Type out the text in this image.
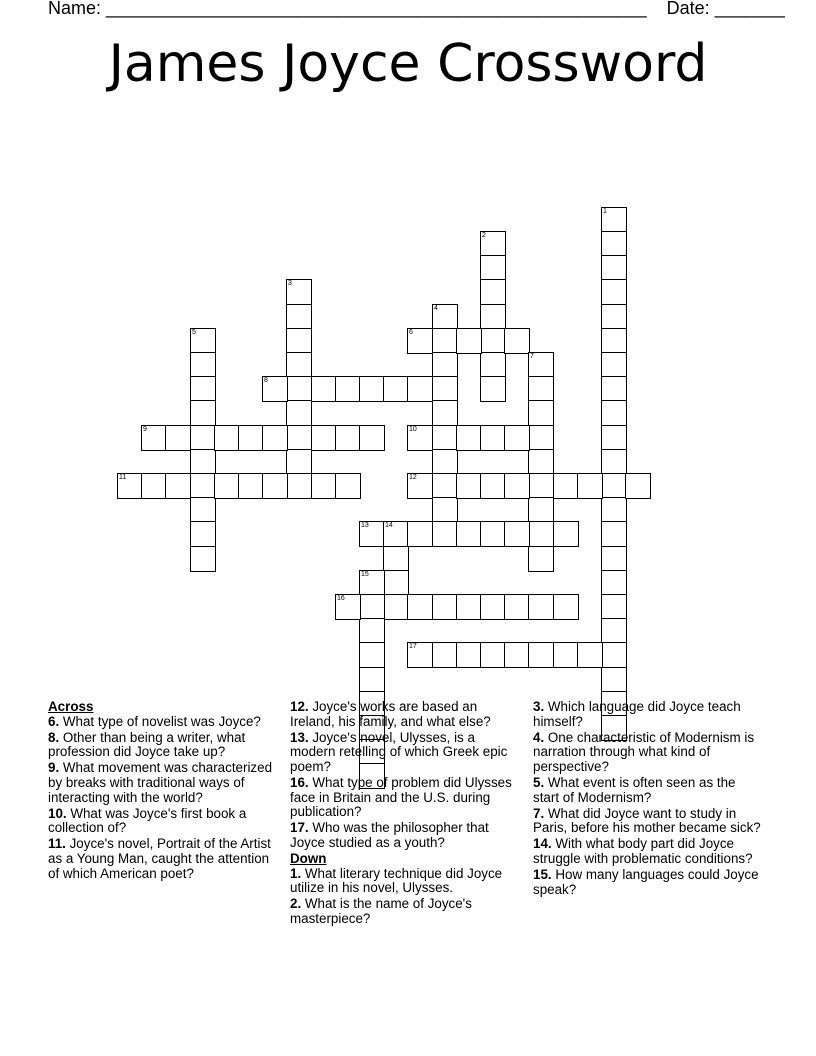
Name: ______________________________________________________ Date: _______
James Joyce Crossword
1
2
3
4
5	6
7
8
9	10
11	12
13 14
15
16
17

Across

6. What type of novelist was Joyce?

8. Other than being a writer, what profession did Joyce take up?

9. What movement was characterized by breaks with traditional ways of interacting with the world?

10. What was Joyce's first book a collection of?

11. Joyce's novel, Portrait of the Artist as a Young Man, caught the attention of which American poet?

12. Joyce's works are based an Ireland, his family, and what else?

13. Joyce's novel, Ulysses, is a modern retelling of which Greek epic poem?

16. What type of problem did Ulysses face in Britain and the U.S. during publication?

17. Who was the philosopher that Joyce studied as a youth?

Down

1. What literary technique did Joyce utilize in his novel, Ulysses.

2. What is the name of Joyce's masterpiece?

3. Which language did Joyce teach himself?

4. One characteristic of Modernism is narration through what kind of perspective?

5. What event is often seen as the start of Modernism?

7. What did Joyce want to study in Paris, before his mother became sick?

14. With what body part did Joyce struggle with problematic conditions?

15. How many languages could Joyce speak?
